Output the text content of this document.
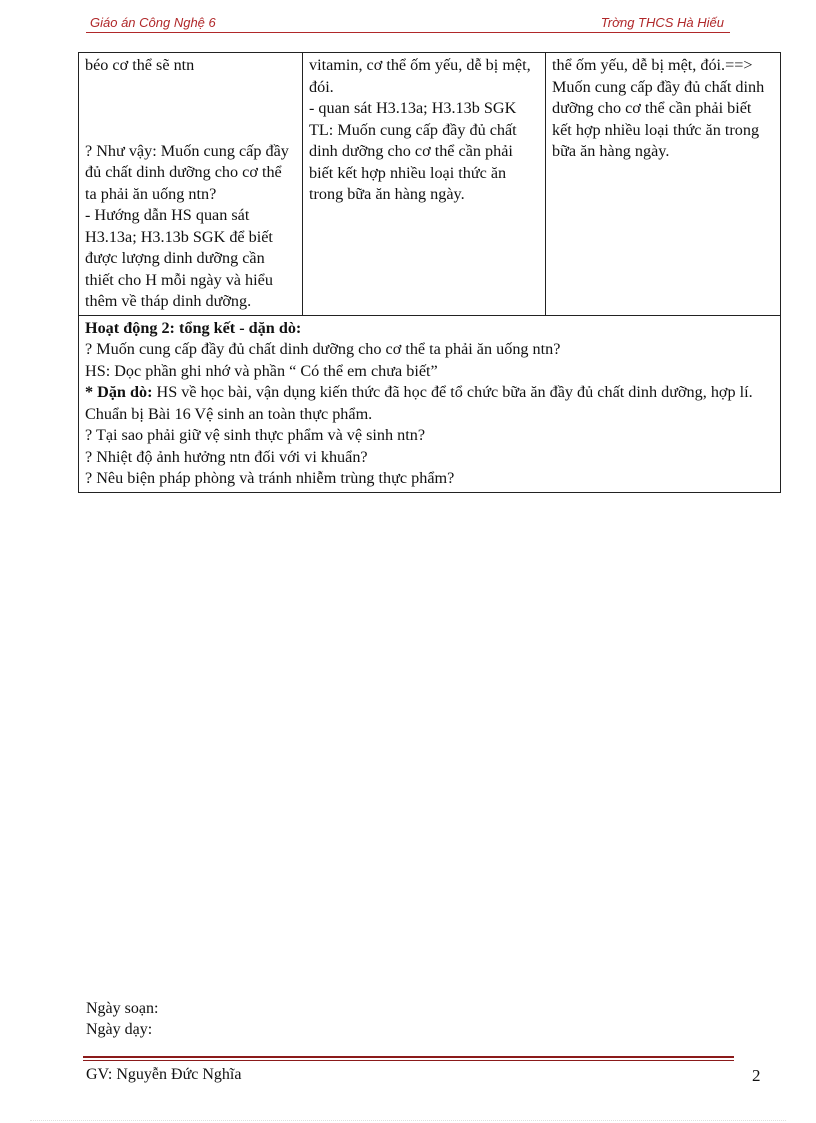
Giáo án Công Nghệ 6	Trờng THCS Hà Hiếu
béo cơ thể sẽ ntn
? Như vậy: Muốn cung cấp đầy đủ chất dinh dưỡng cho cơ thể ta phải ăn uống ntn?
- Hướng dẫn HS quan sát H3.13a; H3.13b SGK để biết được lượng dinh dưỡng cần thiết cho H mỗi ngày và hiểu thêm về tháp dinh dưỡng.

vitamin, cơ thể ốm yếu, dễ bị mệt, đói.
- quan sát H3.13a; H3.13b SGK TL: Muốn cung cấp đầy đủ chất dinh dưỡng cho cơ thể cần phải biết kết hợp nhiều loại thức ăn trong bữa ăn hàng ngày.

thể ốm yếu, dễ bị mệt, đói.==> Muốn cung cấp đầy đủ chất dinh dưỡng cho cơ thể cần phải biết kết hợp nhiều loại thức ăn trong bữa ăn hàng ngày.

Hoạt động 2: tổng kết - dặn dò:
? Muốn cung cấp đầy đủ chất dinh dưỡng cho cơ thể ta phải ăn uống ntn?
HS: Dọc phần ghi nhớ và phần “ Có thể em chưa biết”
* Dặn dò: HS về học bài, vận dụng kiến thức đã học để tổ chức bữa ăn đầy đủ chất dinh dưỡng, hợp lí.
Chuẩn bị Bài 16 Vệ sinh an toàn thực phẩm.
? Tại sao phải giữ vệ sinh thực phẩm và vệ sinh ntn?
? Nhiệt độ ảnh hưởng ntn đối với vi khuẩn?
? Nêu biện pháp phòng và tránh nhiễm trùng thực phẩm?
Ngày soạn:
Ngày dạy:
GV: Nguyễn Đức Nghĩa	2
